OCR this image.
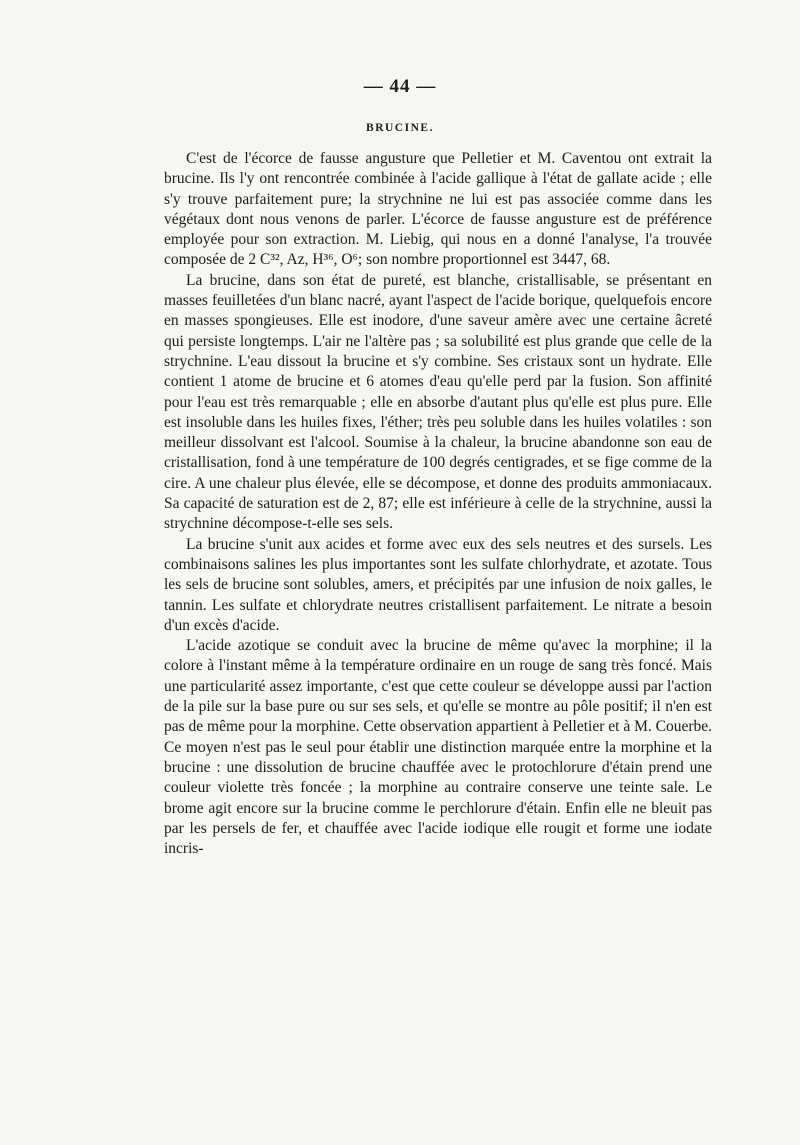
— 44 —
BRUCINE.

C'est de l'écorce de fausse angusture que Pelletier et M. Caventou ont extrait la brucine. Ils l'y ont rencontrée combinée à l'acide gallique à l'état de gallate acide ; elle s'y trouve parfaitement pure; la strychnine ne lui est pas associée comme dans les végétaux dont nous venons de parler. L'écorce de fausse angusture est de préférence employée pour son extraction. M. Liebig, qui nous en a donné l'analyse, l'a trouvée composée de 2 C³², Az, H³⁶, O⁶; son nombre proportionnel est 3447, 68.

La brucine, dans son état de pureté, est blanche, cristallisable, se présentant en masses feuilletées d'un blanc nacré, ayant l'aspect de l'acide borique, quelquefois encore en masses spongieuses. Elle est inodore, d'une saveur amère avec une certaine âcreté qui persiste longtemps. L'air ne l'altère pas ; sa solubilité est plus grande que celle de la strychnine. L'eau dissout la brucine et s'y combine. Ses cristaux sont un hydrate. Elle contient 1 atome de brucine et 6 atomes d'eau qu'elle perd par la fusion. Son affinité pour l'eau est très remarquable ; elle en absorbe d'autant plus qu'elle est plus pure. Elle est insoluble dans les huiles fixes, l'éther; très peu soluble dans les huiles volatiles : son meilleur dissolvant est l'alcool. Soumise à la chaleur, la brucine abandonne son eau de cristallisation, fond à une température de 100 degrés centigrades, et se fige comme de la cire. A une chaleur plus élevée, elle se décompose, et donne des produits ammoniacaux. Sa capacité de saturation est de 2, 87; elle est inférieure à celle de la strychnine, aussi la strychnine décompose-t-elle ses sels.

La brucine s'unit aux acides et forme avec eux des sels neutres et des sursels. Les combinaisons salines les plus importantes sont les sulfate chlorhydrate, et azotate. Tous les sels de brucine sont solubles, amers, et précipités par une infusion de noix galles, le tannin. Les sulfate et chlorydrate neutres cristallisent parfaitement. Le nitrate a besoin d'un excès d'acide.

L'acide azotique se conduit avec la brucine de même qu'avec la morphine; il la colore à l'instant même à la température ordinaire en un rouge de sang très foncé. Mais une particularité assez importante, c'est que cette couleur se développe aussi par l'action de la pile sur la base pure ou sur ses sels, et qu'elle se montre au pôle positif; il n'en est pas de même pour la morphine. Cette observation appartient à Pelletier et à M. Couerbe. Ce moyen n'est pas le seul pour établir une distinction marquée entre la morphine et la brucine : une dissolution de brucine chauffée avec le protochlorure d'étain prend une couleur violette très foncée ; la morphine au contraire conserve une teinte sale. Le brome agit encore sur la brucine comme le perchlorure d'étain. Enfin elle ne bleuit pas par les persels de fer, et chauffée avec l'acide iodique elle rougit et forme une iodate incris-
